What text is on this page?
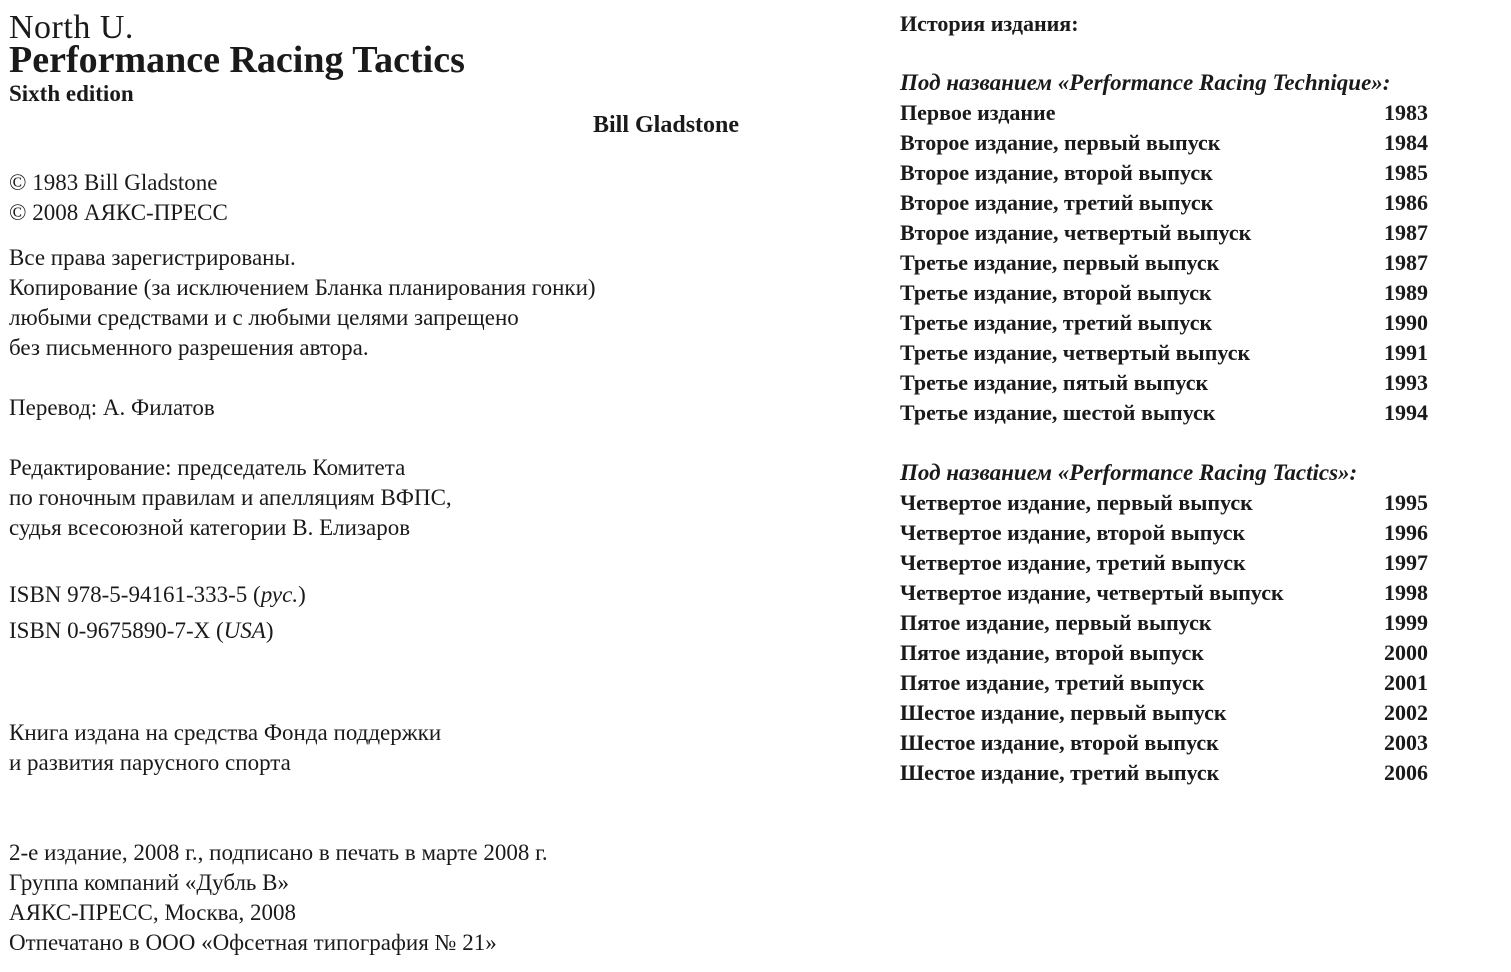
North U.
Performance Racing Tactics
Sixth edition
Bill Gladstone
© 1983 Bill Gladstone
© 2008 АЯКС-ПРЕСС
Все права зарегистрированы.
Копирование (за исключением Бланка планирования гонки)
любыми средствами и с любыми целями запрещено
без письменного разрешения автора.
Перевод: А. Филатов
Редактирование: председатель Комитета
по гоночным правилам и апелляциям ВФПС,
судья всесоюзной категории В. Елизаров
ISBN 978-5-94161-333-5 (рус.)
ISBN 0-9675890-7-X (USA)
Книга издана на средства Фонда поддержки
и развития парусного спорта
2-е издание, 2008 г., подписано в печать в марте 2008 г.
Группа компаний «Дубль В»
АЯКС-ПРЕСС, Москва, 2008
Отпечатано в ООО «Офсетная типография № 21»
История издания:
Под названием «Performance Racing Technique»:
Первое издание	1983
Второе издание, первый выпуск	1984
Второе издание, второй выпуск	1985
Второе издание, третий выпуск	1986
Второе издание, четвертый выпуск	1987
Третье издание, первый выпуск	1987
Третье издание, второй выпуск	1989
Третье издание, третий выпуск	1990
Третье издание, четвертый выпуск	1991
Третье издание, пятый выпуск	1993
Третье издание, шестой выпуск	1994
Под названием «Performance Racing Tactics»:
Четвертое издание, первый выпуск	1995
Четвертое издание, второй выпуск	1996
Четвертое издание, третий выпуск	1997
Четвертое издание, четвертый выпуск	1998
Пятое издание, первый выпуск	1999
Пятое издание, второй выпуск	2000
Пятое издание, третий выпуск	2001
Шестое издание, первый выпуск	2002
Шестое издание, второй выпуск	2003
Шестое издание, третий выпуск	2006
